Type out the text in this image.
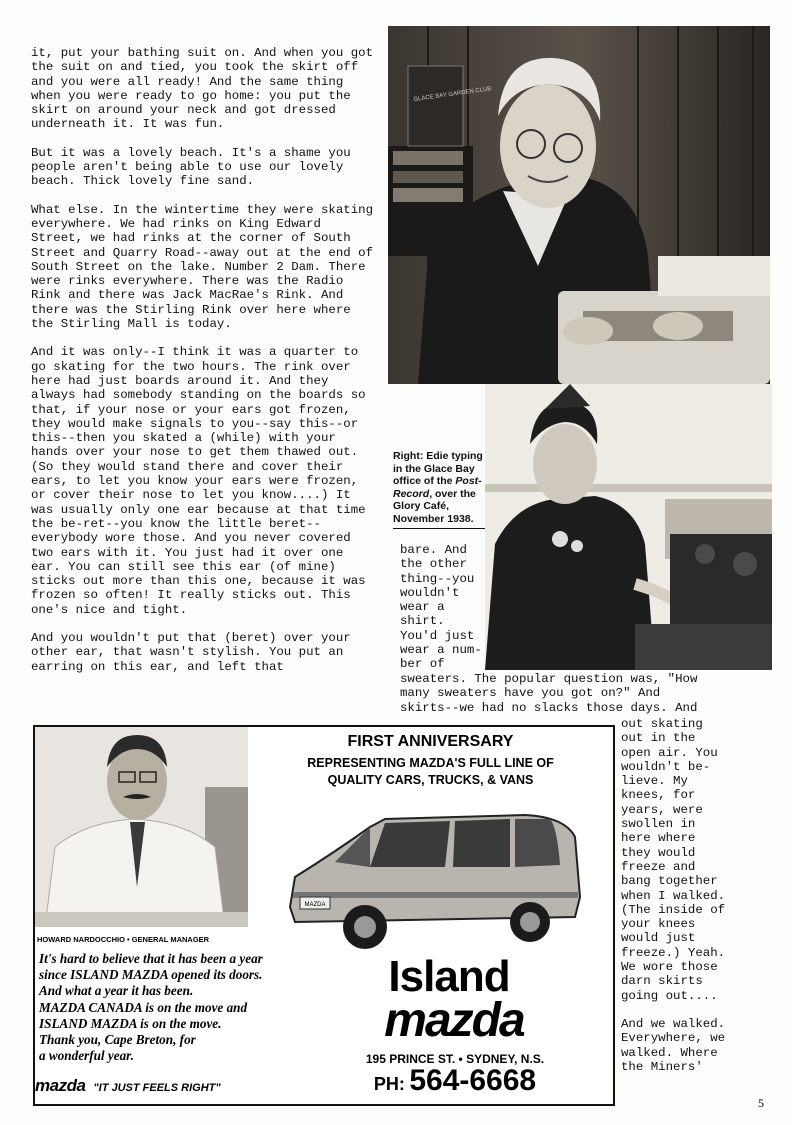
it, put your bathing suit on. And when you got the suit on and tied, you took the skirt off and you were all ready! And the same thing when you were ready to go home: you put the skirt on around your neck and got dressed underneath it. It was fun.

But it was a lovely beach. It's a shame you people aren't being able to use our lovely beach. Thick lovely fine sand.

What else. In the wintertime they were skating everywhere. We had rinks on King Edward Street, we had rinks at the corner of South Street and Quarry Road--away out at the end of South Street on the lake. Number 2 Dam. There were rinks everywhere. There was the Radio Rink and there was Jack MacRae's Rink. And there was the Stirling Rink over here where the Stirling Mall is today.

And it was only--I think it was a quarter to go skating for the two hours. The rink over here had just boards around it. And they always had somebody standing on the boards so that, if your nose or your ears got frozen, they would make signals to you--say this--or this--then you skated a (while) with your hands over your nose to get them thawed out. (So they would stand there and cover their ears, to let you know your ears were frozen, or cover their nose to let you know....) It was usually only one ear because at that time the be-ret--you know the little beret--everybody wore those. And you never covered two ears with it. You just had it over one ear. You can still see this ear (of mine) sticks out more than this one, because it was frozen so often! It really sticks out. This one's nice and tight.

And you wouldn't put that (beret) over your other ear, that wasn't stylish. You put an earring on this ear, and left that

GLACE BAY GARDEN CLUB
Right: Edie typing
in the Glace Bay
office of the Post-
Record, over the
Glory Café,
November 1938.
bare. And
the other
thing--you
wouldn't
wear a
shirt.
You'd just
wear a num-
ber of
sweaters. The popular question was, "How
many sweaters have you got on?" And
skirts--we had no slacks those days. And
out skating
out in the
open air. You
wouldn't be-
lieve. My
knees, for
years, were
swollen in
here where
they would
freeze and
bang together
when I walked.
(The inside of
your knees
would just
freeze.) Yeah.
We wore those
darn skirts
going out....
And we walked.
Everywhere, we
walked. Where
the Miners'
HOWARD NARDOCCHIO • GENERAL MANAGER
It's hard to believe that it has been a year
since ISLAND MAZDA opened its doors.
And what a year it has been.
MAZDA CANADA is on the move and
ISLAND MAZDA is on the move.
Thank you, Cape Breton, for
a wonderful year.
mazda "IT JUST FEELS RIGHT"
FIRST ANNIVERSARY
REPRESENTING MAZDA'S FULL LINE OF
QUALITY CARS, TRUCKS, & VANS
MAZDA
Island
mazda
195 PRINCE ST. • SYDNEY, N.S.
PH: 564-6668
5
